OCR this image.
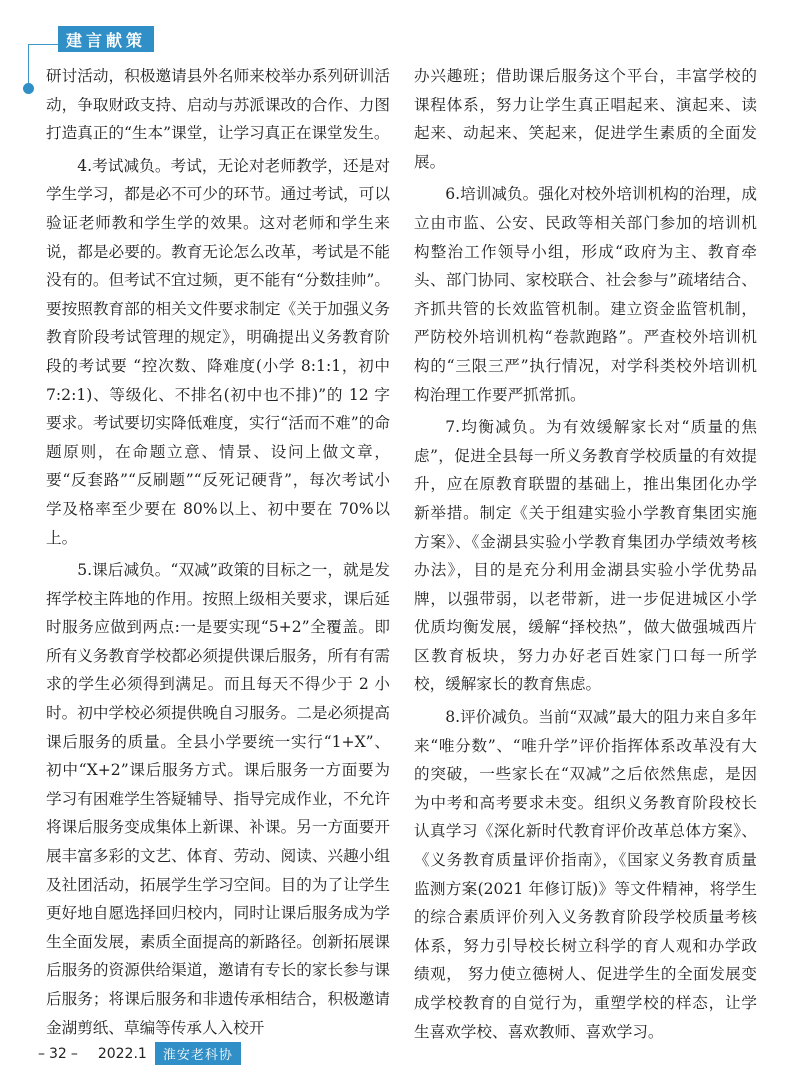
建言献策

研讨活动，积极邀请县外名师来校举办系列研训活动，争取财政支持、启动与苏派课改的合作、力图打造真正的“生本”课堂，让学习真正在课堂发生。

4.考试减负。考试，无论对老师教学，还是对学生学习，都是必不可少的环节。通过考试，可以验证老师教和学生学的效果。这对老师和学生来说，都是必要的。教育无论怎么改革，考试是不能没有的。但考试不宜过频，更不能有“分数挂帅”。要按照教育部的相关文件要求制定《关于加强义务教育阶段考试管理的规定》，明确提出义务教育阶段的考试要 “控次数、降难度(小学 8:1:1，初中 7:2:1)、等级化、不排名(初中也不排)”的 12 字要求。考试要切实降低难度，实行“活而不难”的命题原则，在命题立意、情景、设问上做文章，要“反套路”“反刷题”“反死记硬背”，每次考试小学及格率至少要在 80%以上、初中要在 70%以上。

5.课后减负。“双减”政策的目标之一，就是发挥学校主阵地的作用。按照上级相关要求，课后延时服务应做到两点:一是要实现“5+2”全覆盖。即所有义务教育学校都必须提供课后服务，所有有需求的学生必须得到满足。而且每天不得少于 2 小时。初中学校必须提供晚自习服务。二是必须提高课后服务的质量。全县小学要统一实行“1+X”、初中“X+2”课后服务方式。课后服务一方面要为学习有困难学生答疑辅导、指导完成作业，不允许将课后服务变成集体上新课、补课。另一方面要开展丰富多彩的文艺、体育、劳动、阅读、兴趣小组及社团活动，拓展学生学习空间。目的为了让学生更好地自愿选择回归校内，同时让课后服务成为学生全面发展，素质全面提高的新路径。创新拓展课后服务的资源供给渠道，邀请有专长的家长参与课后服务；将课后服务和非遗传承相结合，积极邀请金湖剪纸、草编等传承人入校开

办兴趣班；借助课后服务这个平台，丰富学校的课程体系，努力让学生真正唱起来、演起来、读起来、动起来、笑起来，促进学生素质的全面发展。

6.培训减负。强化对校外培训机构的治理，成立由市监、公安、民政等相关部门参加的培训机构整治工作领导小组，形成“政府为主、教育牵头、部门协同、家校联合、社会参与”疏堵结合、齐抓共管的长效监管机制。建立资金监管机制，严防校外培训机构“卷款跑路”。严查校外培训机构的“三限三严”执行情况，对学科类校外培训机构治理工作要严抓常抓。

7.均衡减负。为有效缓解家长对“质量的焦虑”，促进全县每一所义务教育学校质量的有效提升，应在原教育联盟的基础上，推出集团化办学新举措。制定《关于组建实验小学教育集团实施方案》、《金湖县实验小学教育集团办学绩效考核办法》，目的是充分利用金湖县实验小学优势品牌，以强带弱，以老带新，进一步促进城区小学优质均衡发展，缓解“择校热”，做大做强城西片区教育板块，努力办好老百姓家门口每一所学校，缓解家长的教育焦虑。

8.评价减负。当前“双减”最大的阻力来自多年来“唯分数”、“唯升学”评价指挥体系改革没有大的突破，一些家长在“双减”之后依然焦虑，是因为中考和高考要求未变。组织义务教育阶段校长认真学习《深化新时代教育评价改革总体方案》、《义务教育质量评价指南》，《国家义务教育质量监测方案(2021 年修订版)》等文件精神，将学生的综合素质评价列入义务教育阶段学校质量考核体系，努力引导校长树立科学的育人观和办学政绩观， 努力使立德树人、促进学生的全面发展变成学校教育的自觉行为，重塑学校的样态，让学生喜欢学校、喜欢教师、喜欢学习。

– 32 – 2022.1	淮安老科协
